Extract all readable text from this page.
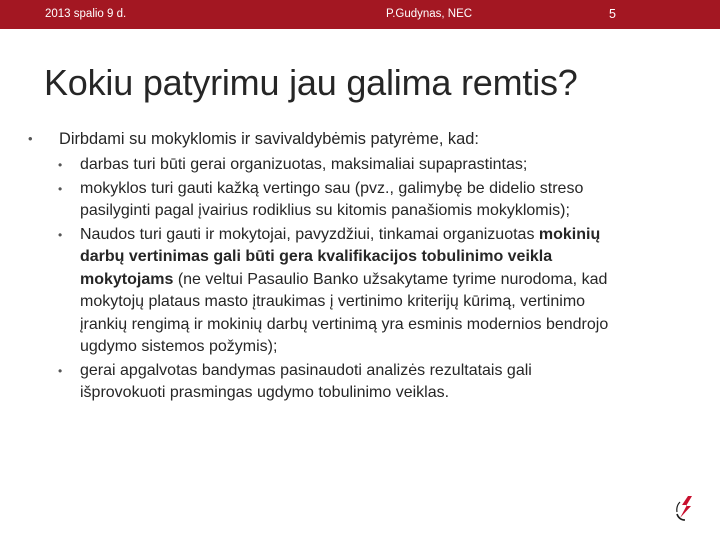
2013 spalio 9 d.	P.Gudynas, NEC	5
Kokiu patyrimu jau galima remtis?
•	Dirbdami su mokyklomis ir savivaldybėmis patyrėme, kad:
• darbas turi būti gerai organizuotas, maksimaliai supaprastintas;
• mokyklos turi gauti kažką vertingo sau (pvz., galimybę be didelio streso
pasilyginti pagal įvairius rodiklius su kitomis panašiomis mokyklomis);
• Naudos turi gauti ir mokytojai, pavyzdžiui, tinkamai organizuotas mokinių
darbų vertinimas gali būti gera kvalifikacijos tobulinimo veikla
mokytojams (ne veltui Pasaulio Banko užsakytame tyrime nurodoma, kad
mokytojų plataus masto įtraukimas į vertinimo kriterijų kūrimą, vertinimo
įrankių rengimą ir mokinių darbų vertinimą yra esminis modernios bendrojo
ugdymo sistemos požymis);
• gerai apgalvotas bandymas pasinaudoti analizės rezultatais gali
išprovokuoti prasmingas ugdymo tobulinimo veiklas.
